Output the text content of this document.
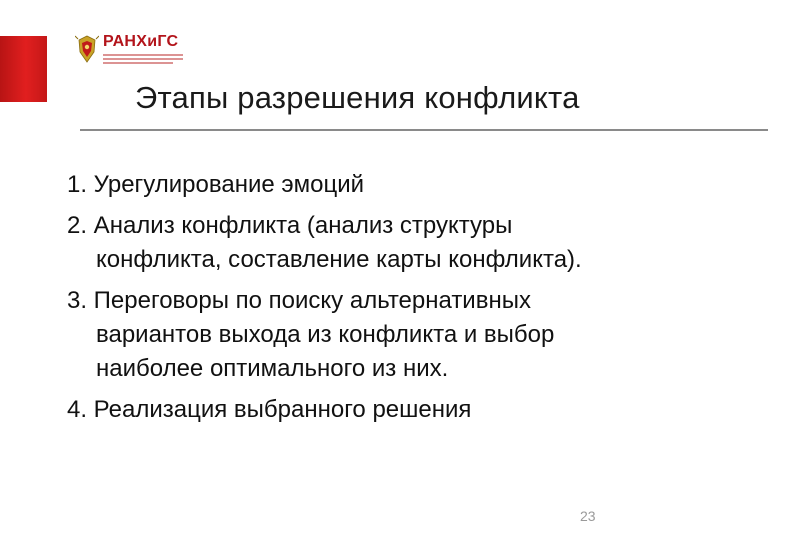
РАНХиГС
Этапы разрешения конфликта
1. Урегулирование эмоций
2. Анализ конфликта (анализ структуры
конфликта, составление карты конфликта).
3. Переговоры по поиску альтернативных
вариантов выхода из конфликта и выбор
наиболее оптимального из них.
4. Реализация выбранного решения
23
